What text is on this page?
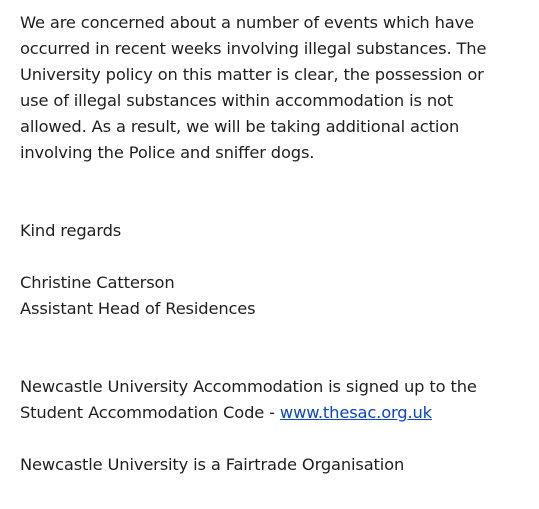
We are concerned about a number of events which have
occurred in recent weeks involving illegal substances. The
University policy on this matter is clear, the possession or
use of illegal substances within accommodation is not
allowed. As a result, we will be taking additional action
involving the Police and sniffer dogs.
Kind regards
Christine Catterson
Assistant Head of Residences
Newcastle University Accommodation is signed up to the
Student Accommodation Code - www.thesac.org.uk
Newcastle University is a Fairtrade Organisation
